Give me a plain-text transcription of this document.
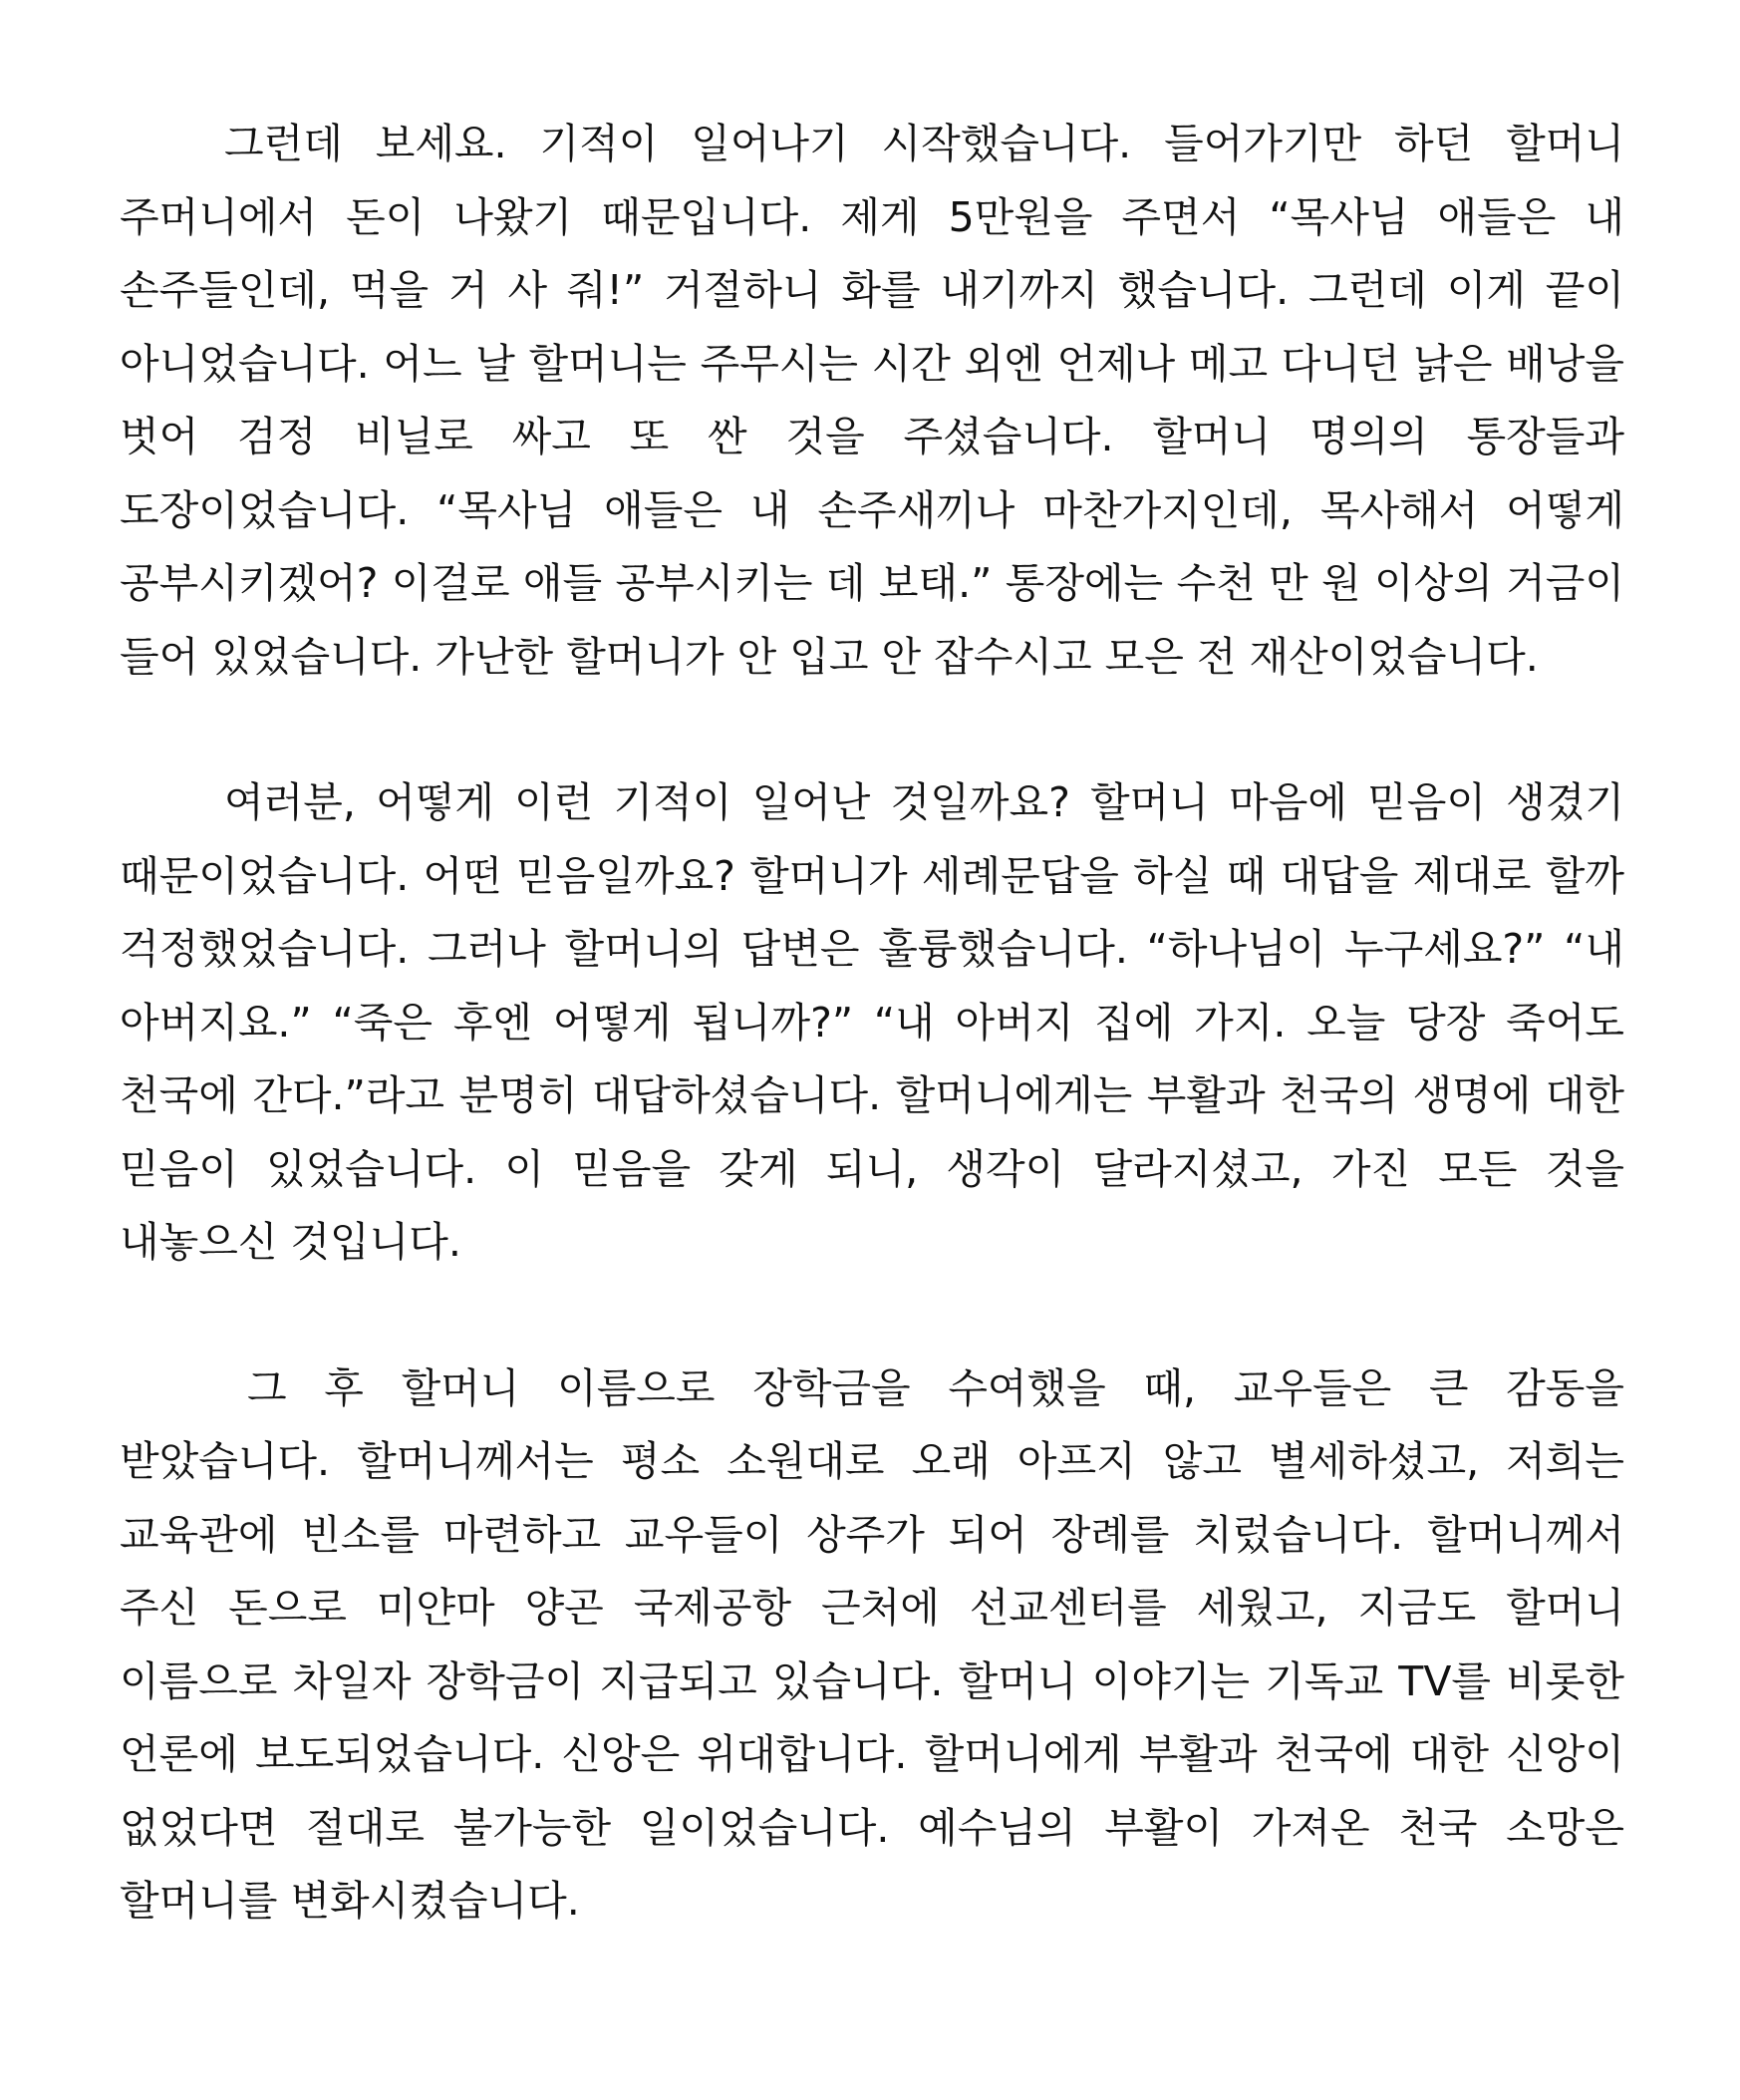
그런데 보세요. 기적이 일어나기 시작했습니다. 들어가기만 하던 할머니 주머니에서 돈이 나왔기 때문입니다. 제게 5만원을 주면서 “목사님 애들은 내 손주들인데, 먹을 거 사 줘!” 거절하니 화를 내기까지 했습니다. 그런데 이게 끝이 아니었습니다. 어느 날 할머니는 주무시는 시간 외엔 언제나 메고 다니던 낡은 배낭을 벗어 검정 비닐로 싸고 또 싼 것을 주셨습니다. 할머니 명의의 통장들과 도장이었습니다. “목사님 애들은 내 손주새끼나 마찬가지인데, 목사해서 어떻게 공부시키겠어? 이걸로 애들 공부시키는 데 보태.” 통장에는 수천 만 원 이상의 거금이 들어 있었습니다. 가난한 할머니가 안 입고 안 잡수시고 모은 전 재산이었습니다.

여러분, 어떻게 이런 기적이 일어난 것일까요? 할머니 마음에 믿음이 생겼기 때문이었습니다. 어떤 믿음일까요? 할머니가 세례문답을 하실 때 대답을 제대로 할까 걱정했었습니다. 그러나 할머니의 답변은 훌륭했습니다. “하나님이 누구세요?” “내 아버지요.” “죽은 후엔 어떻게 됩니까?” “내 아버지 집에 가지. 오늘 당장 죽어도 천국에 간다.”라고 분명히 대답하셨습니다. 할머니에게는 부활과 천국의 생명에 대한 믿음이 있었습니다. 이 믿음을 갖게 되니, 생각이 달라지셨고, 가진 모든 것을 내놓으신 것입니다.

그 후 할머니 이름으로 장학금을 수여했을 때, 교우들은 큰 감동을 받았습니다. 할머니께서는 평소 소원대로 오래 아프지 않고 별세하셨고, 저희는 교육관에 빈소를 마련하고 교우들이 상주가 되어 장례를 치렀습니다. 할머니께서 주신 돈으로 미얀마 양곤 국제공항 근처에 선교센터를 세웠고, 지금도 할머니 이름으로 차일자 장학금이 지급되고 있습니다. 할머니 이야기는 기독교 TV를 비롯한 언론에 보도되었습니다. 신앙은 위대합니다. 할머니에게 부활과 천국에 대한 신앙이 없었다면 절대로 불가능한 일이었습니다. 예수님의 부활이 가져온 천국 소망은 할머니를 변화시켰습니다.
